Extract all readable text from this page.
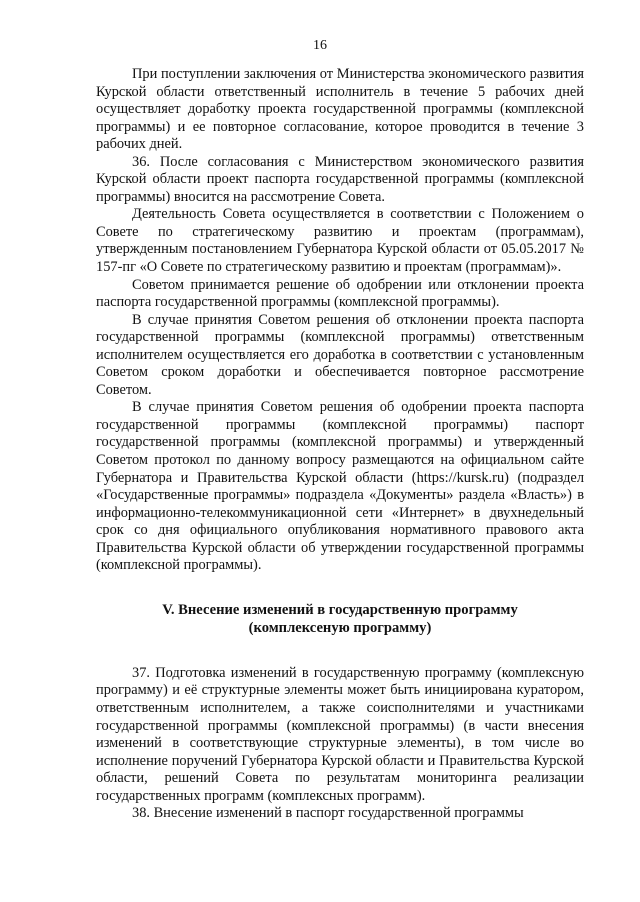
16

При поступлении заключения от Министерства экономического развития Курской области ответственный исполнитель в течение 5 рабочих дней осуществляет доработку проекта государственной программы (комплексной программы) и ее повторное согласование, которое проводится в течение 3 рабочих дней.

36. После согласования с Министерством экономического развития Курской области проект паспорта государственной программы (комплексной программы) вносится на рассмотрение Совета.

Деятельность Совета осуществляется в соответствии с Положением о Совете по стратегическому развитию и проектам (программам), утвержденным постановлением Губернатора Курской области от 05.05.2017 № 157-пг «О Совете по стратегическому развитию и проектам (программам)».

Советом принимается решение об одобрении или отклонении проекта паспорта государственной программы (комплексной программы).

В случае принятия Советом решения об отклонении проекта паспорта государственной программы (комплексной программы) ответственным исполнителем осуществляется его доработка в соответствии с установленным Советом сроком доработки и обеспечивается повторное рассмотрение Советом.

В случае принятия Советом решения об одобрении проекта паспорта государственной программы (комплексной программы) паспорт государственной программы (комплексной программы) и утвержденный Советом протокол по данному вопросу размещаются на официальном сайте Губернатора и Правительства Курской области (https://kursk.ru) (подраздел «Государственные программы» подраздела «Документы» раздела «Власть») в информационно-телекоммуникационной сети «Интернет» в двухнедельный срок со дня официального опубликования нормативного правового акта Правительства Курской области об утверждении государственной программы (комплексной программы).

V. Внесение изменений в государственную программу
(комплексеную программу)

37. Подготовка изменений в государственную программу (комплексную программу) и её структурные элементы может быть инициирована куратором, ответственным исполнителем, а также соисполнителями и участниками государственной программы (комплексной программы) (в части внесения изменений в соответствующие структурные элементы), в том числе во исполнение поручений Губернатора Курской области и Правительства Курской области, решений Совета по результатам мониторинга реализации государственных программ (комплексных программ).

38. Внесение изменений в паспорт государственной программы
